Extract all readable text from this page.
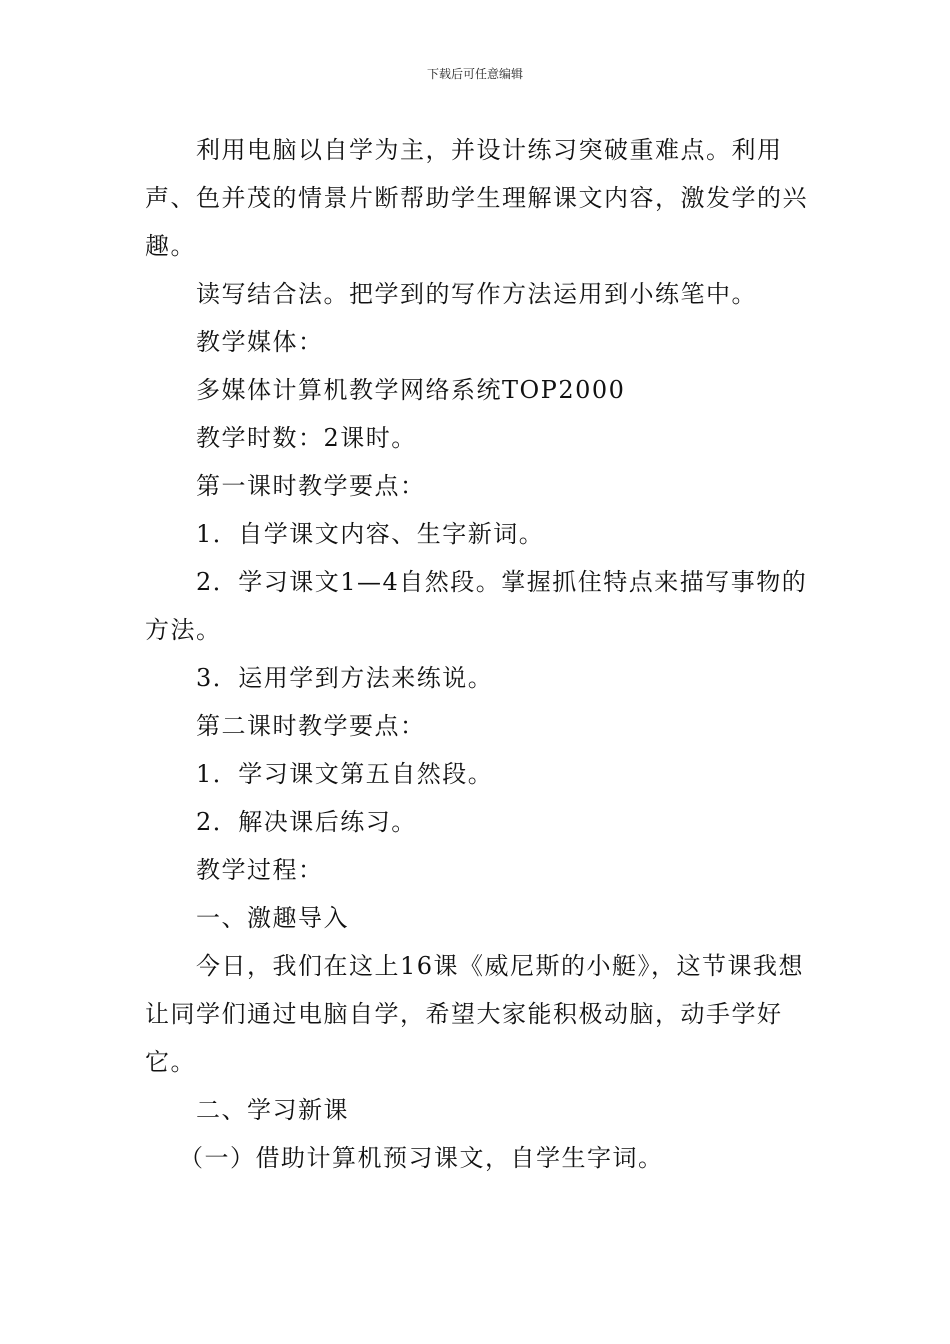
下载后可任意编辑

利用电脑以自学为主，并设计练习突破重难点。利用声、色并茂的情景片断帮助学生理解课文内容，激发学的兴趣。

读写结合法。把学到的写作方法运用到小练笔中。

教学媒体：

多媒体计算机教学网络系统TOP2000

教学时数：2课时。

第一课时教学要点：

1．自学课文内容、生字新词。

2．学习课文1—4自然段。掌握抓住特点来描写事物的方法。

3．运用学到方法来练说。

第二课时教学要点：

1．学习课文第五自然段。

2．解决课后练习。

教学过程：

一、激趣导入

今日，我们在这上16课《威尼斯的小艇》，这节课我想让同学们通过电脑自学，希望大家能积极动脑，动手学好它。

二、学习新课

（一）借助计算机预习课文，自学生字词。
